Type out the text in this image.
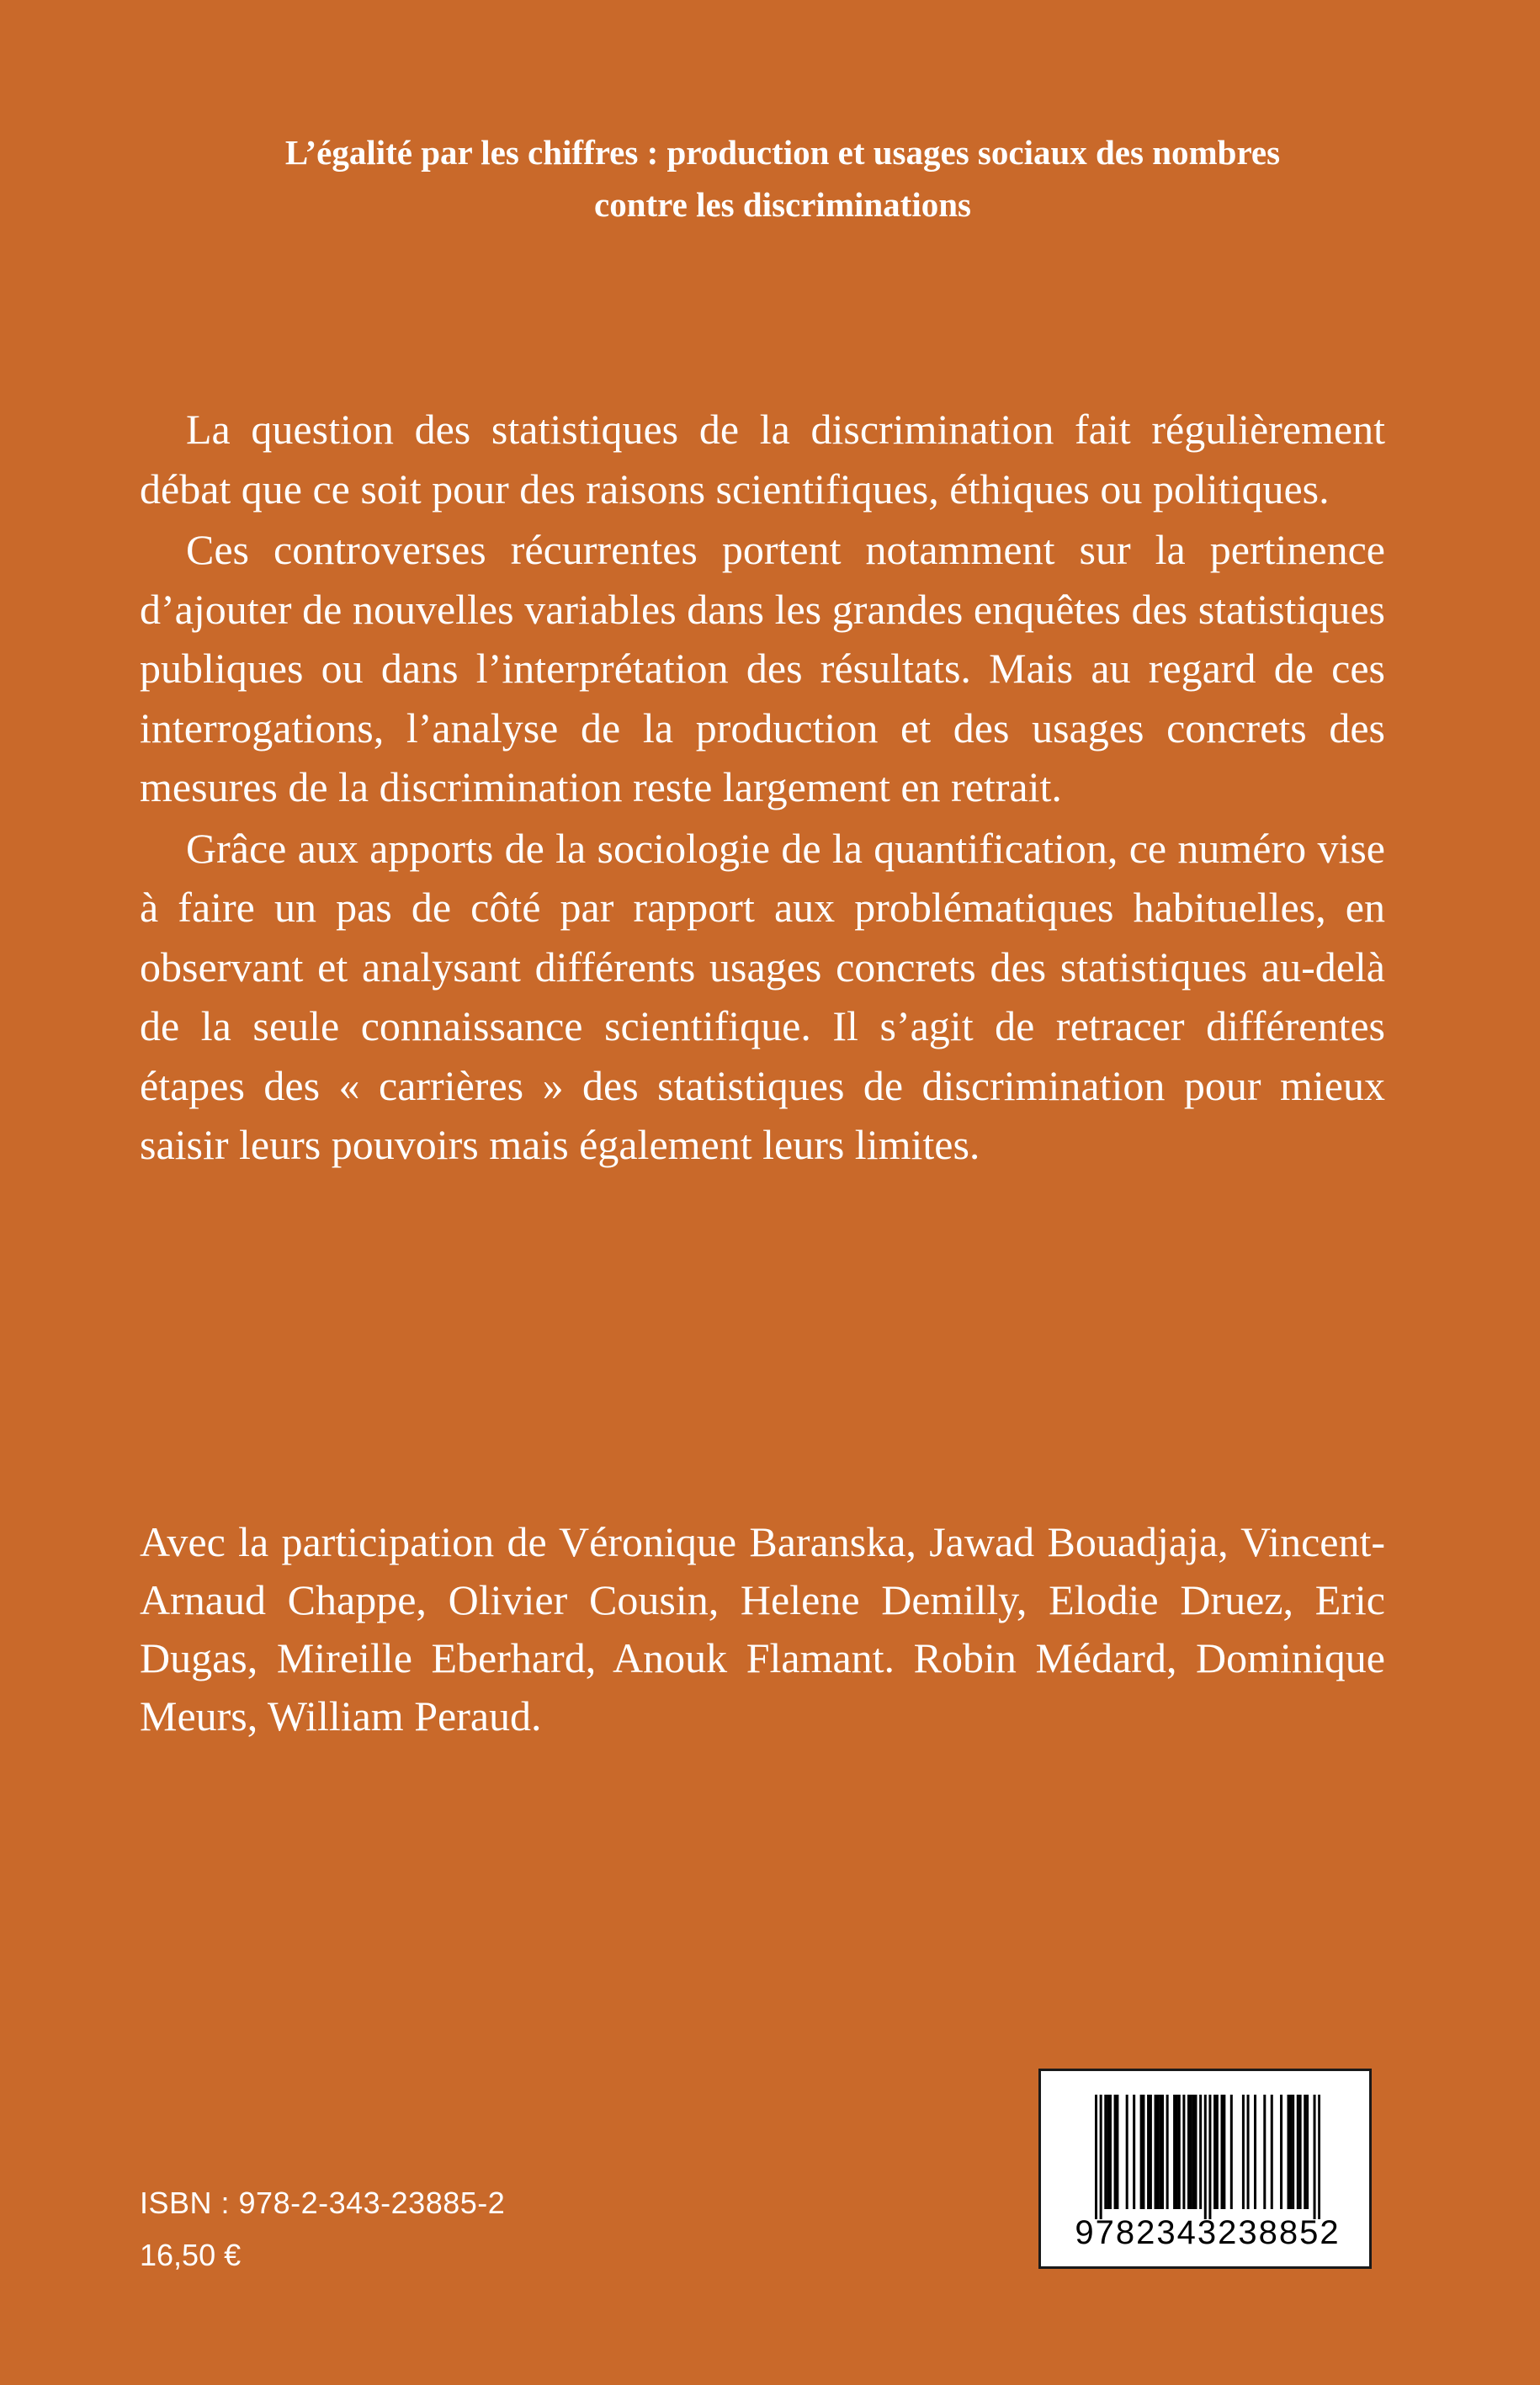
L’égalité par les chiffres : production et usages sociaux des nombres
contre les discriminations

La question des statistiques de la discrimination fait régulièrement débat que ce soit pour des raisons scientifiques, éthiques ou politiques.

Ces controverses récurrentes portent notamment sur la pertinence d’ajouter de nouvelles variables dans les grandes enquêtes des statistiques publiques ou dans l’interprétation des résultats. Mais au regard de ces interrogations, l’analyse de la production et des usages concrets des mesures de la discrimination reste largement en retrait.

Grâce aux apports de la sociologie de la quantification, ce numéro vise à faire un pas de côté par rapport aux problématiques habituelles, en observant et analysant différents usages concrets des statistiques au-delà de la seule connaissance scientifique. Il s’agit de retracer différentes étapes des « carrières » des statistiques de discrimination pour mieux saisir leurs pouvoirs mais également leurs limites.

Avec la participation de Véronique Baranska, Jawad Bouadjaja, Vincent-Arnaud Chappe, Olivier Cousin, Helene Demilly, Elodie Druez, Eric Dugas, Mireille Eberhard, Anouk Flamant. Robin Médard, Dominique Meurs, William Peraud.

ISBN : 978-2-343-23885-2
16,50 €
9782343238852
